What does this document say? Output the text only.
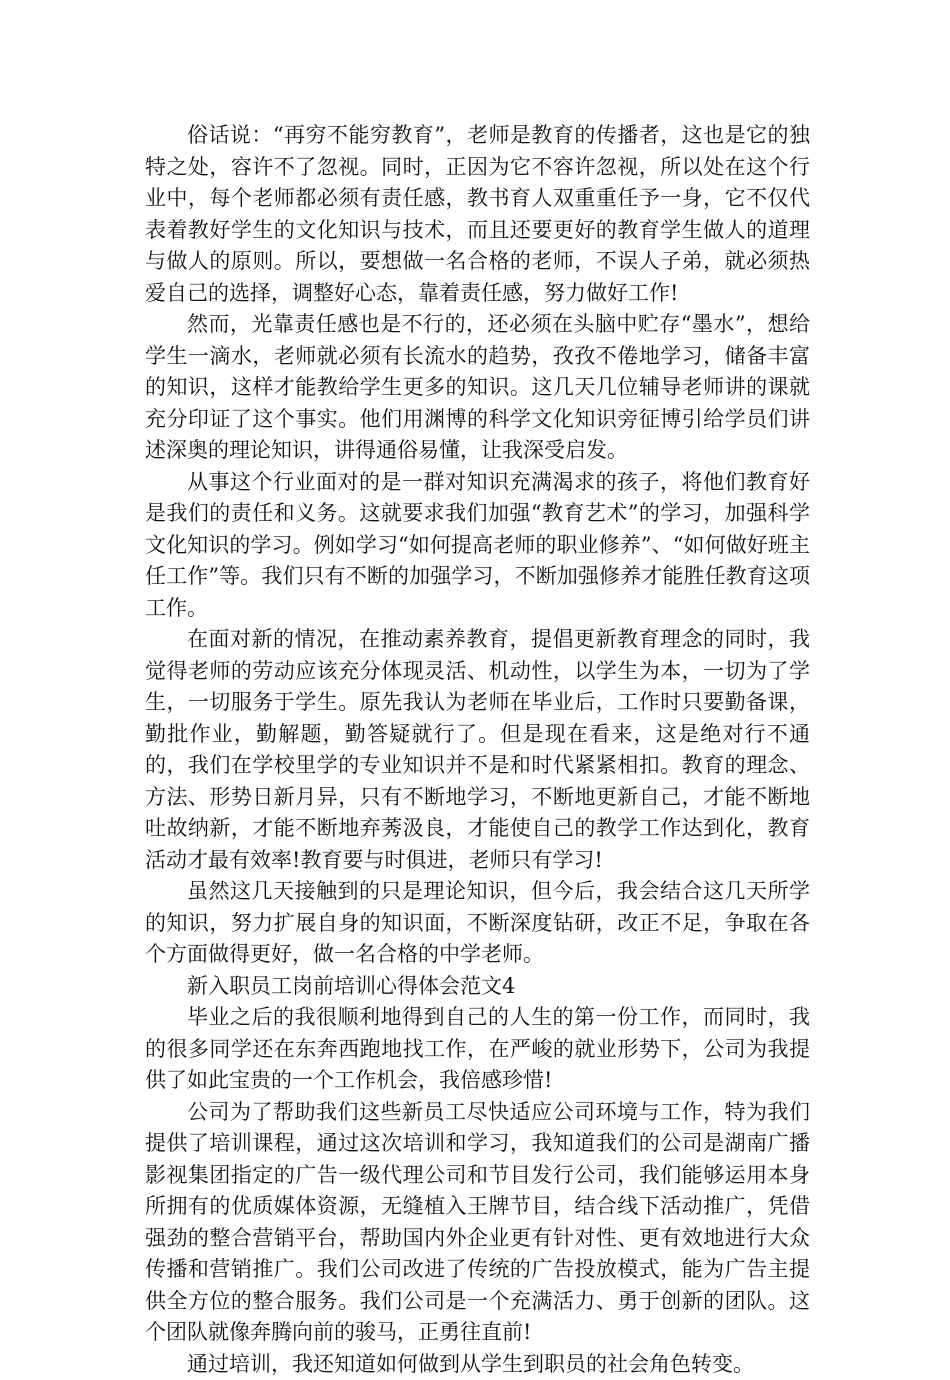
俗话说：“再穷不能穷教育”，老师是教育的传播者，这也是它的独特之处，容许不了忽视。同时，正因为它不容许忽视，所以处在这个行业中，每个老师都必须有责任感，教书育人双重重任予一身，它不仅代表着教好学生的文化知识与技术，而且还要更好的教育学生做人的道理与做人的原则。所以，要想做一名合格的老师，不误人子弟，就必须热爱自己的选择，调整好心态，靠着责任感，努力做好工作!

然而，光靠责任感也是不行的，还必须在头脑中贮存“墨水”，想给学生一滴水，老师就必须有长流水的趋势，孜孜不倦地学习，储备丰富的知识，这样才能教给学生更多的知识。这几天几位辅导老师讲的课就充分印证了这个事实。他们用渊博的科学文化知识旁征博引给学员们讲述深奥的理论知识，讲得通俗易懂，让我深受启发。

从事这个行业面对的是一群对知识充满渴求的孩子，将他们教育好是我们的责任和义务。这就要求我们加强“教育艺术”的学习，加强科学文化知识的学习。例如学习“如何提高老师的职业修养”、“如何做好班主任工作”等。我们只有不断的加强学习，不断加强修养才能胜任教育这项工作。

在面对新的情况，在推动素养教育，提倡更新教育理念的同时，我觉得老师的劳动应该充分体现灵活、机动性，以学生为本，一切为了学生，一切服务于学生。原先我认为老师在毕业后，工作时只要勤备课，勤批作业，勤解题，勤答疑就行了。但是现在看来，这是绝对行不通的，我们在学校里学的专业知识并不是和时代紧紧相扣。教育的理念、方法、形势日新月异，只有不断地学习，不断地更新自己，才能不断地吐故纳新，才能不断地弃莠汲良，才能使自己的教学工作达到化，教育活动才最有效率!教育要与时俱进，老师只有学习!

虽然这几天接触到的只是理论知识，但今后，我会结合这几天所学的知识，努力扩展自身的知识面，不断深度钻研，改正不足，争取在各个方面做得更好，做一名合格的中学老师。

新入职员工岗前培训心得体会范文4

毕业之后的我很顺利地得到自己的人生的第一份工作，而同时，我的很多同学还在东奔西跑地找工作，在严峻的就业形势下，公司为我提供了如此宝贵的一个工作机会，我倍感珍惜!

公司为了帮助我们这些新员工尽快适应公司环境与工作，特为我们提供了培训课程，通过这次培训和学习，我知道我们的公司是湖南广播影视集团指定的广告一级代理公司和节目发行公司，我们能够运用本身所拥有的优质媒体资源，无缝植入王牌节目，结合线下活动推广，凭借强劲的整合营销平台，帮助国内外企业更有针对性、更有效地进行大众传播和营销推广。我们公司改进了传统的广告投放模式，能为广告主提供全方位的整合服务。我们公司是一个充满活力、勇于创新的团队。这个团队就像奔腾向前的骏马，正勇往直前!

通过培训，我还知道如何做到从学生到职员的社会角色转变。
